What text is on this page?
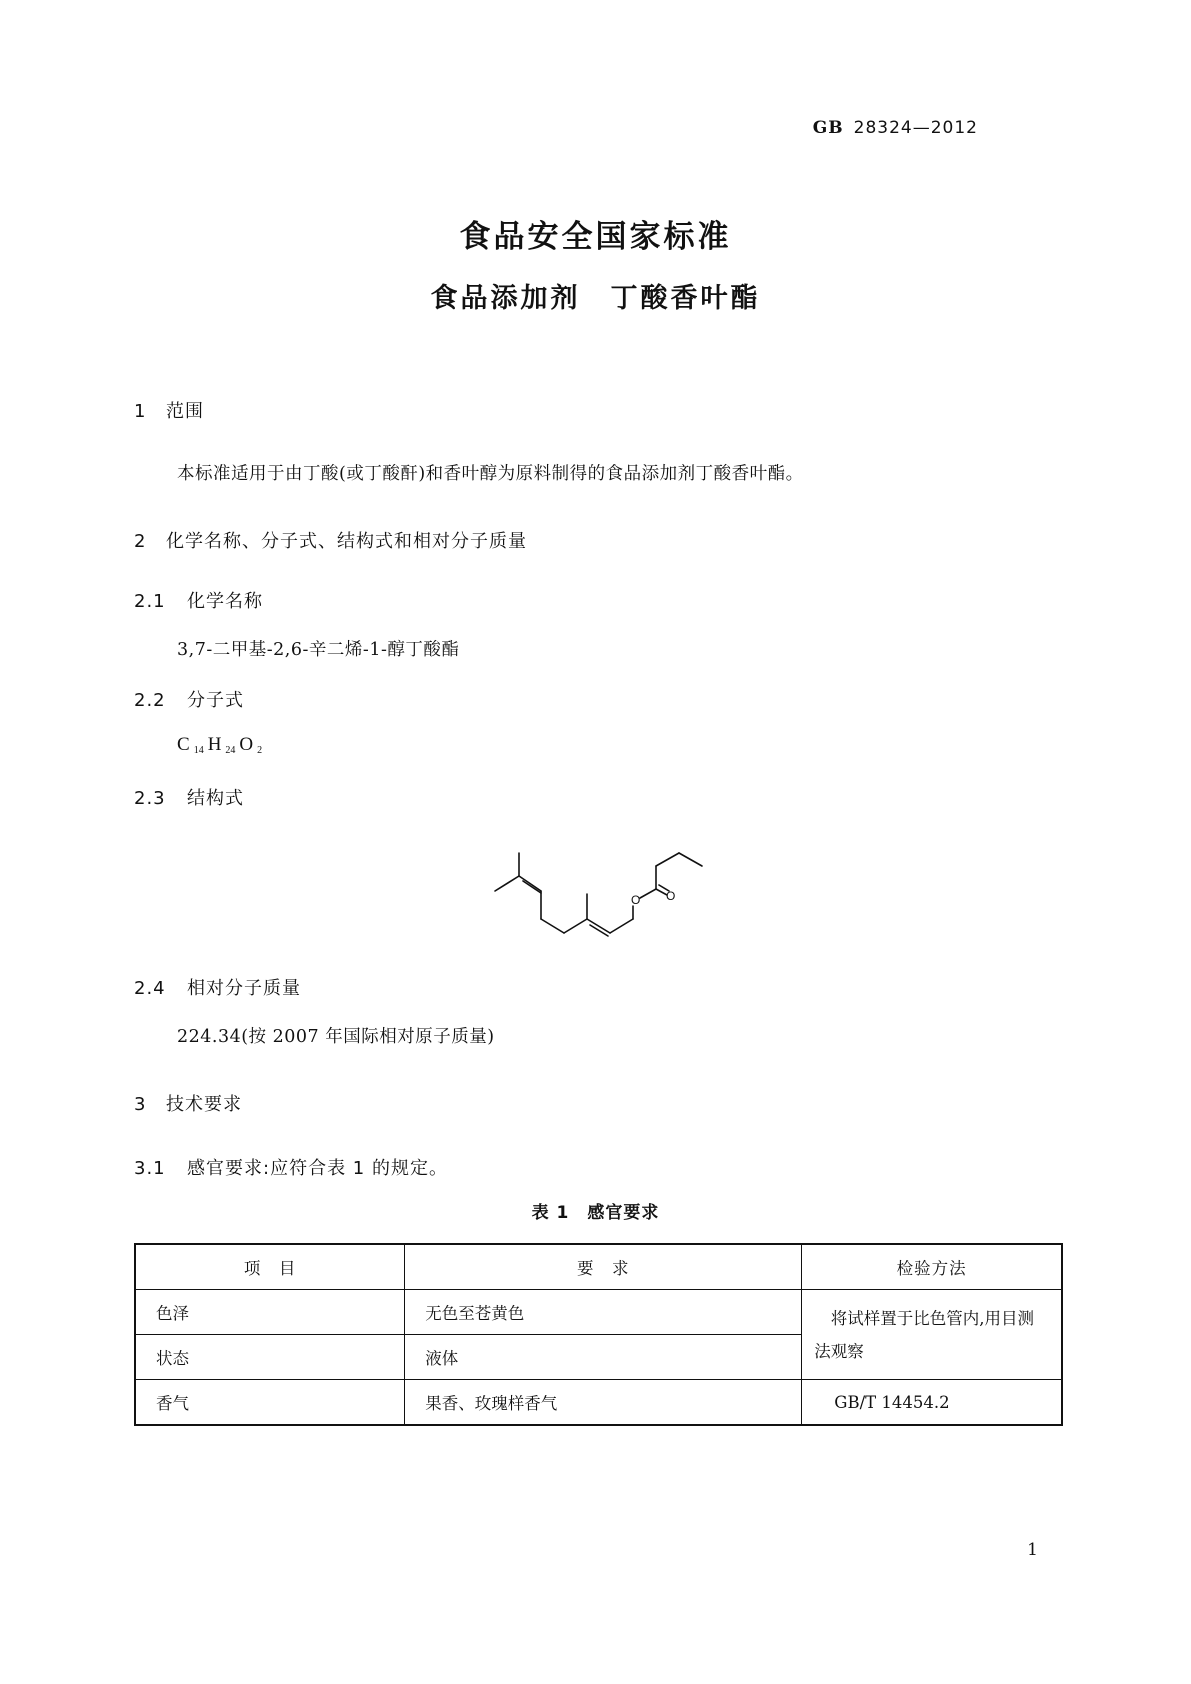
GB 28324—2012
食品安全国家标准
食品添加剂　丁酸香叶酯
1 范围
本标准适用于由丁酸(或丁酸酐)和香叶醇为原料制得的食品添加剂丁酸香叶酯。
2 化学名称、分子式、结构式和相对分子质量
2.1 化学名称
3,7-二甲基-2,6-辛二烯-1-醇丁酸酯
2.2 分子式
C $_{14}$ H $_{24}$ O $_2$
2.3 结构式
O O
2.4 相对分子质量
224.34(按 2007 年国际相对原子质量)
3 技术要求
3.1 感官要求:应符合表 1 的规定。
表 1　感官要求
项　目	要　求	检验方法
色泽	无色至苍黄色	将试样置于比色管内,用目测法观察
状态	液体	
香气	果香、玫瑰样香气	GB/T 14454.2
1
